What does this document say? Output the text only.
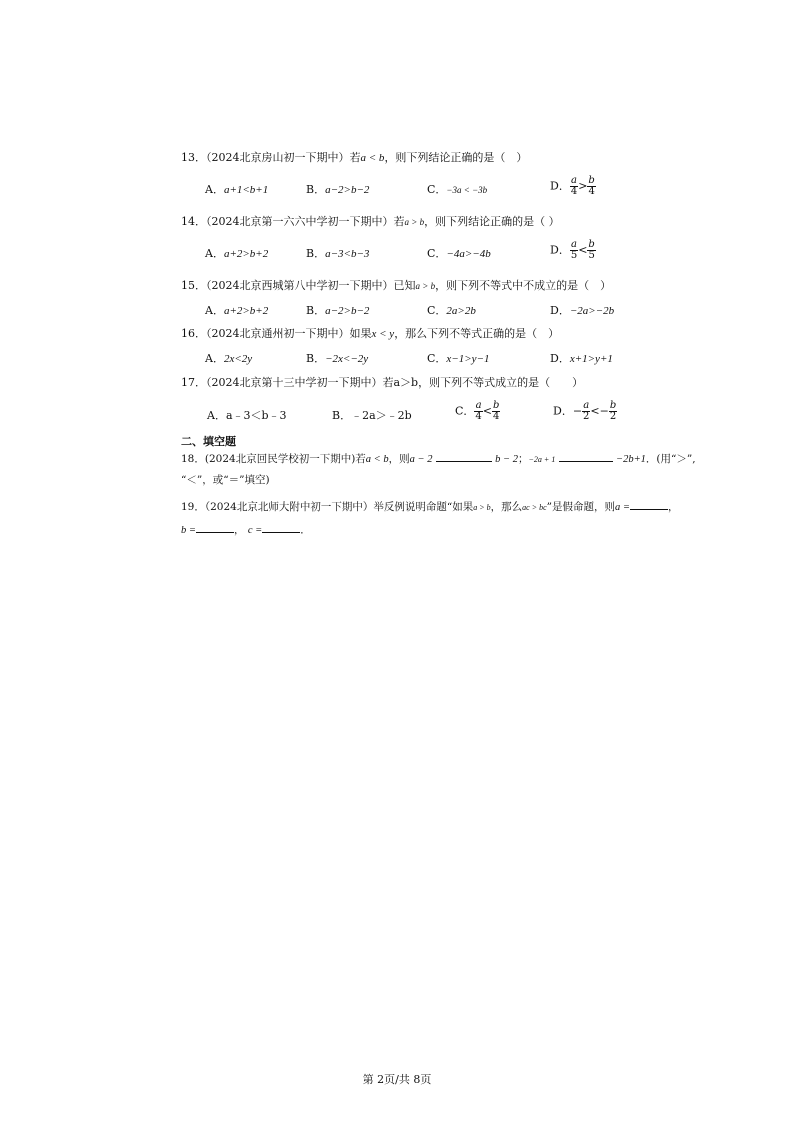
13．（2024北京房山初一下期中）若a < b，则下列结论正确的是（　）
A．a+1<b+1	B．a−2>b−2	C．−3a < −3b	D． $\frac{a}{4} > \frac{b}{4}$
14．（2024北京第一六六中学初一下期中）若a > b，则下列结论正确的是（ ）
A．a+2>b+2	B．a−3<b−3	C．−4a>−4b	D． $\frac{a}{5} < \frac{b}{5}$
15．（2024北京西城第八中学初一下期中）已知a > b，则下列不等式中不成立的是（　）
A．a+2>b+2	B．a−2>b−2	C．2a>2b	D．−2a>−2b
16．（2024北京通州初一下期中）如果x < y，那么下列不等式正确的是（　）
A．2x<2y	B．−2x<−2y	C．x−1>y−1	D．x+1>y+1
17．（2024北京第十三中学初一下期中）若a＞b，则下列不等式成立的是（　　）
A．a﹣3＜b﹣3	B．﹣2a＞﹣2b	C． $\frac{a}{4} < \frac{b}{4}$	D．− $\frac{a}{2} <- \frac{b}{2}$
二、填空题
18．(2024北京回民学校初一下期中)若a < b，则a − 2	b − 2；−2a + 1	−2b+1．(用“＞”,
“＜”，或“＝”填空)
19．（2024北京北师大附中初一下期中）举反例说明命题“如果a > b，那么ac > bc”是假命题，则a =	，
b =	， c =	．
第 2页/共 8页
